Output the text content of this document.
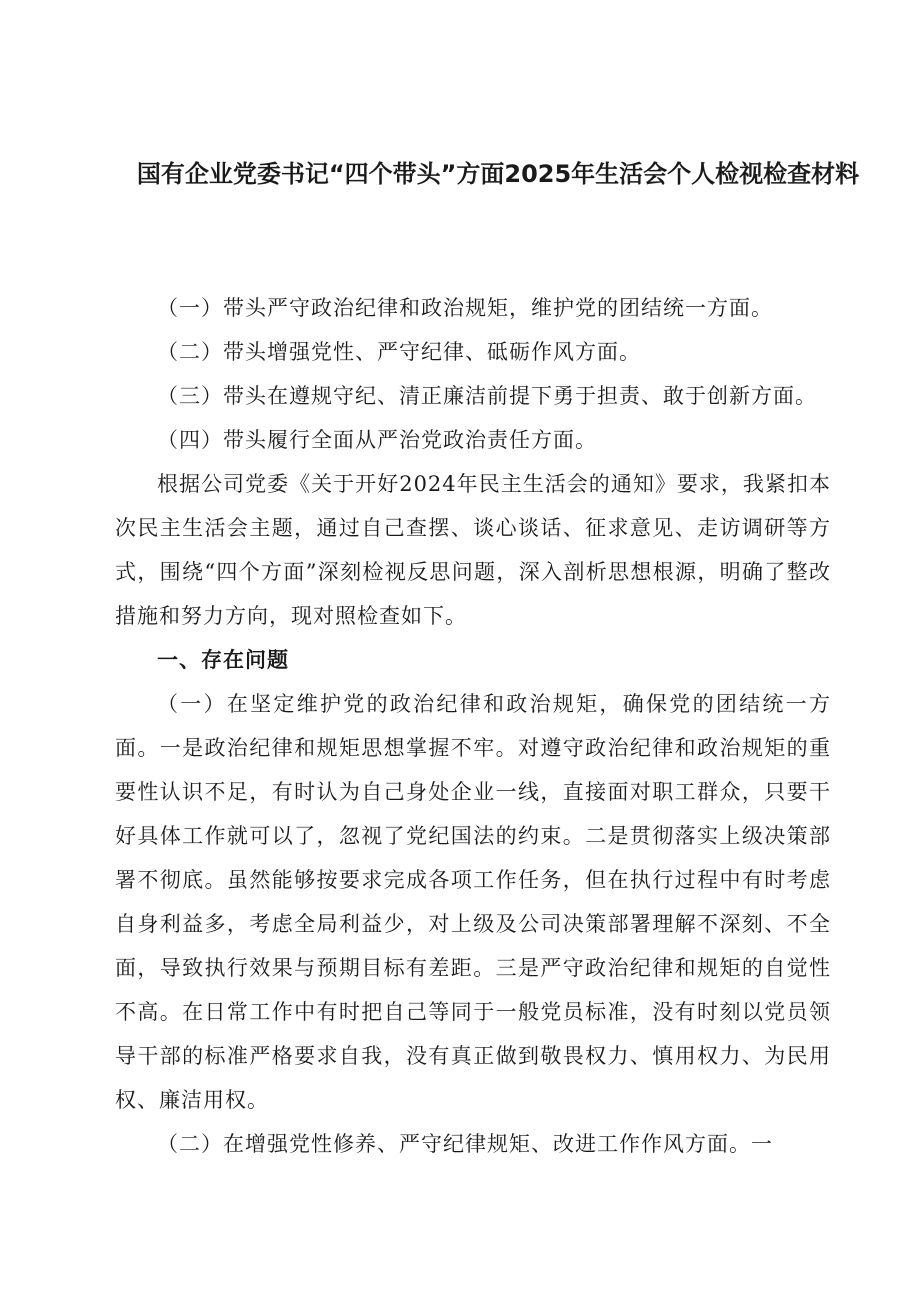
国有企业党委书记“四个带头”方面2025年生活会个人检视检查材料

（一）带头严守政治纪律和政治规矩，维护党的团结统一方面。

（二）带头增强党性、严守纪律、砥砺作风方面。

（三）带头在遵规守纪、清正廉洁前提下勇于担责、敢于创新方面。

（四）带头履行全面从严治党政治责任方面。

根据公司党委《关于开好2024年民主生活会的通知》要求，我紧扣本次民主生活会主题，通过自己查摆、谈心谈话、征求意见、走访调研等方式，围绕“四个方面”深刻检视反思问题，深入剖析思想根源，明确了整改措施和努力方向，现对照检查如下。

一、存在问题

（一）在坚定维护党的政治纪律和政治规矩，确保党的团结统一方面。一是政治纪律和规矩思想掌握不牢。对遵守政治纪律和政治规矩的重要性认识不足，有时认为自己身处企业一线，直接面对职工群众，只要干好具体工作就可以了，忽视了党纪国法的约束。二是贯彻落实上级决策部署不彻底。虽然能够按要求完成各项工作任务，但在执行过程中有时考虑自身利益多，考虑全局利益少，对上级及公司决策部署理解不深刻、不全面，导致执行效果与预期目标有差距。三是严守政治纪律和规矩的自觉性不高。在日常工作中有时把自己等同于一般党员标准，没有时刻以党员领导干部的标准严格要求自我，没有真正做到敬畏权力、慎用权力、为民用权、廉洁用权。

（二）在增强党性修养、严守纪律规矩、改进工作作风方面。一
